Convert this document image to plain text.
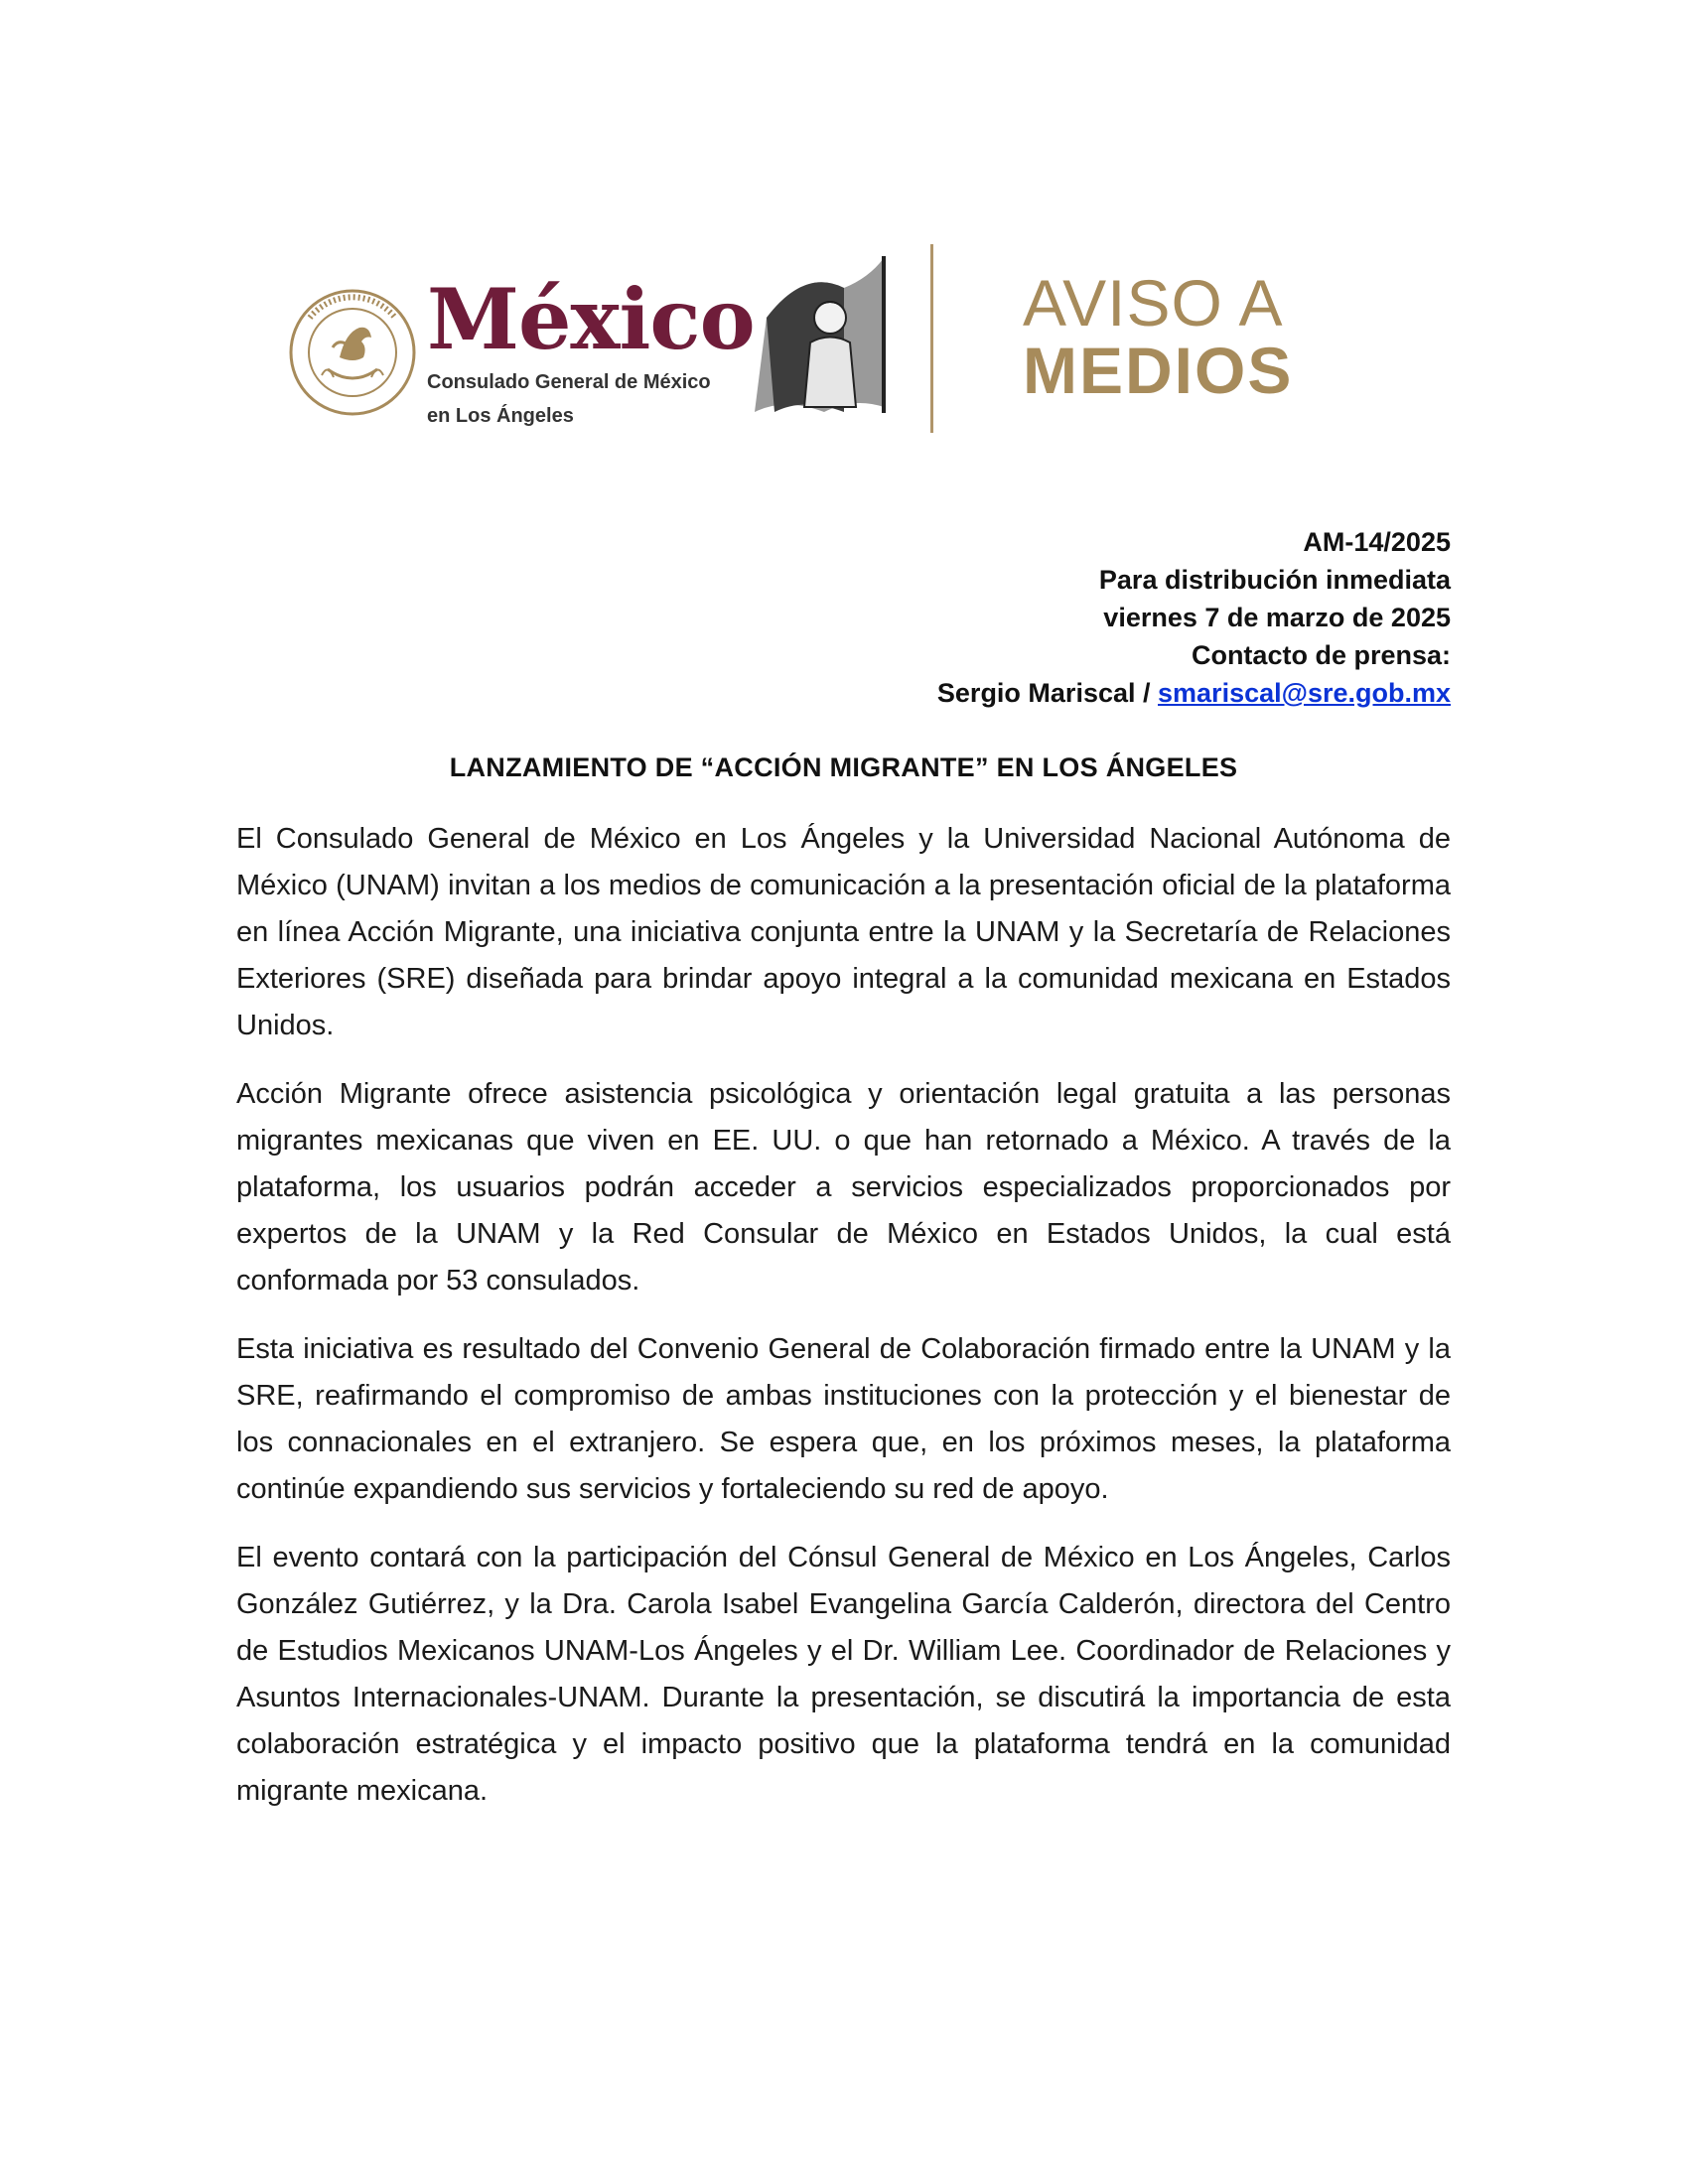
México
Consulado General de México
en Los Ángeles
AVISO A
MEDIOS
AM-14/2025
Para distribución inmediata
viernes 7 de marzo de 2025
Contacto de prensa:
Sergio Mariscal / smariscal@sre.gob.mx
LANZAMIENTO DE “ACCIÓN MIGRANTE” EN LOS ÁNGELES

El Consulado General de México en Los Ángeles y la Universidad Nacional Autónoma de México (UNAM) invitan a los medios de comunicación a la presentación oficial de la plataforma en línea Acción Migrante, una iniciativa conjunta entre la UNAM y la Secretaría de Relaciones Exteriores (SRE) diseñada para brindar apoyo integral a la comunidad mexicana en Estados Unidos.

Acción Migrante ofrece asistencia psicológica y orientación legal gratuita a las personas migrantes mexicanas que viven en EE. UU. o que han retornado a México. A través de la plataforma, los usuarios podrán acceder a servicios especializados proporcionados por expertos de la UNAM y la Red Consular de México en Estados Unidos, la cual está conformada por 53 consulados.

Esta iniciativa es resultado del Convenio General de Colaboración firmado entre la UNAM y la SRE, reafirmando el compromiso de ambas instituciones con la protección y el bienestar de los connacionales en el extranjero. Se espera que, en los próximos meses, la plataforma continúe expandiendo sus servicios y fortaleciendo su red de apoyo.

El evento contará con la participación del Cónsul General de México en Los Ángeles, Carlos González Gutiérrez, y la Dra. Carola Isabel Evangelina García Calderón, directora del Centro de Estudios Mexicanos UNAM-Los Ángeles y el Dr. William Lee. Coordinador de Relaciones y Asuntos Internacionales-UNAM. Durante la presentación, se discutirá la importancia de esta colaboración estratégica y el impacto positivo que la plataforma tendrá en la comunidad migrante mexicana.
